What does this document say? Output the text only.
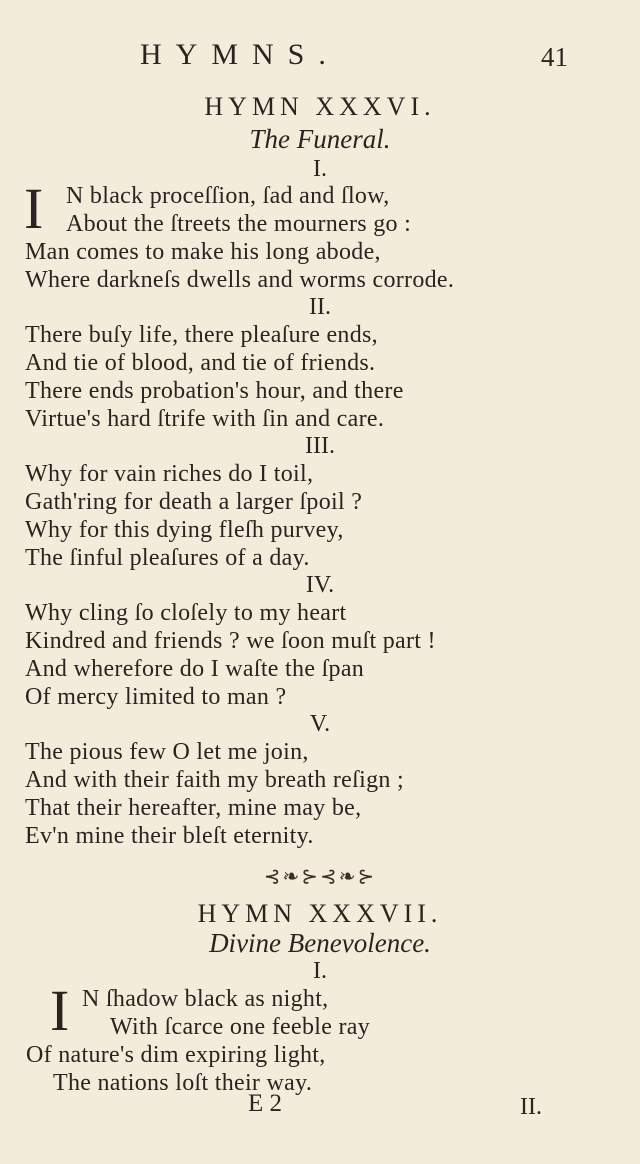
HYMNS.	41
HYMN XXXVI.
The Funeral.
I.
I N black proceſſion, ſad and ſlow,
About the ſtreets the mourners go :
Man comes to make his long abode,
Where darkneſs dwells and worms corrode.
II.
There buſy life, there pleaſure ends,
And tie of blood, and tie of friends.
There ends probation's hour, and there
Virtue's hard ſtrife with ſin and care.
III.
Why for vain riches do I toil,
Gath'ring for death a larger ſpoil ?
Why for this dying fleſh purvey,
The ſinful pleaſures of a day.
IV.
Why cling ſo cloſely to my heart
Kindred and friends ? we ſoon muſt part !
And wherefore do I waſte the ſpan
Of mercy limited to man ?
V.
The pious few O let me join,
And with their faith my breath reſign ;
That their hereafter, mine may be,
Ev'n mine their bleſt eternity.
⊰❧⊱⊰❧⊱
HYMN XXXVII.
Divine Benevolence.
I.
I N ſhadow black as night,
With ſcarce one feeble ray
Of nature's dim expiring light,
The nations loſt their way.
E 2	II.
